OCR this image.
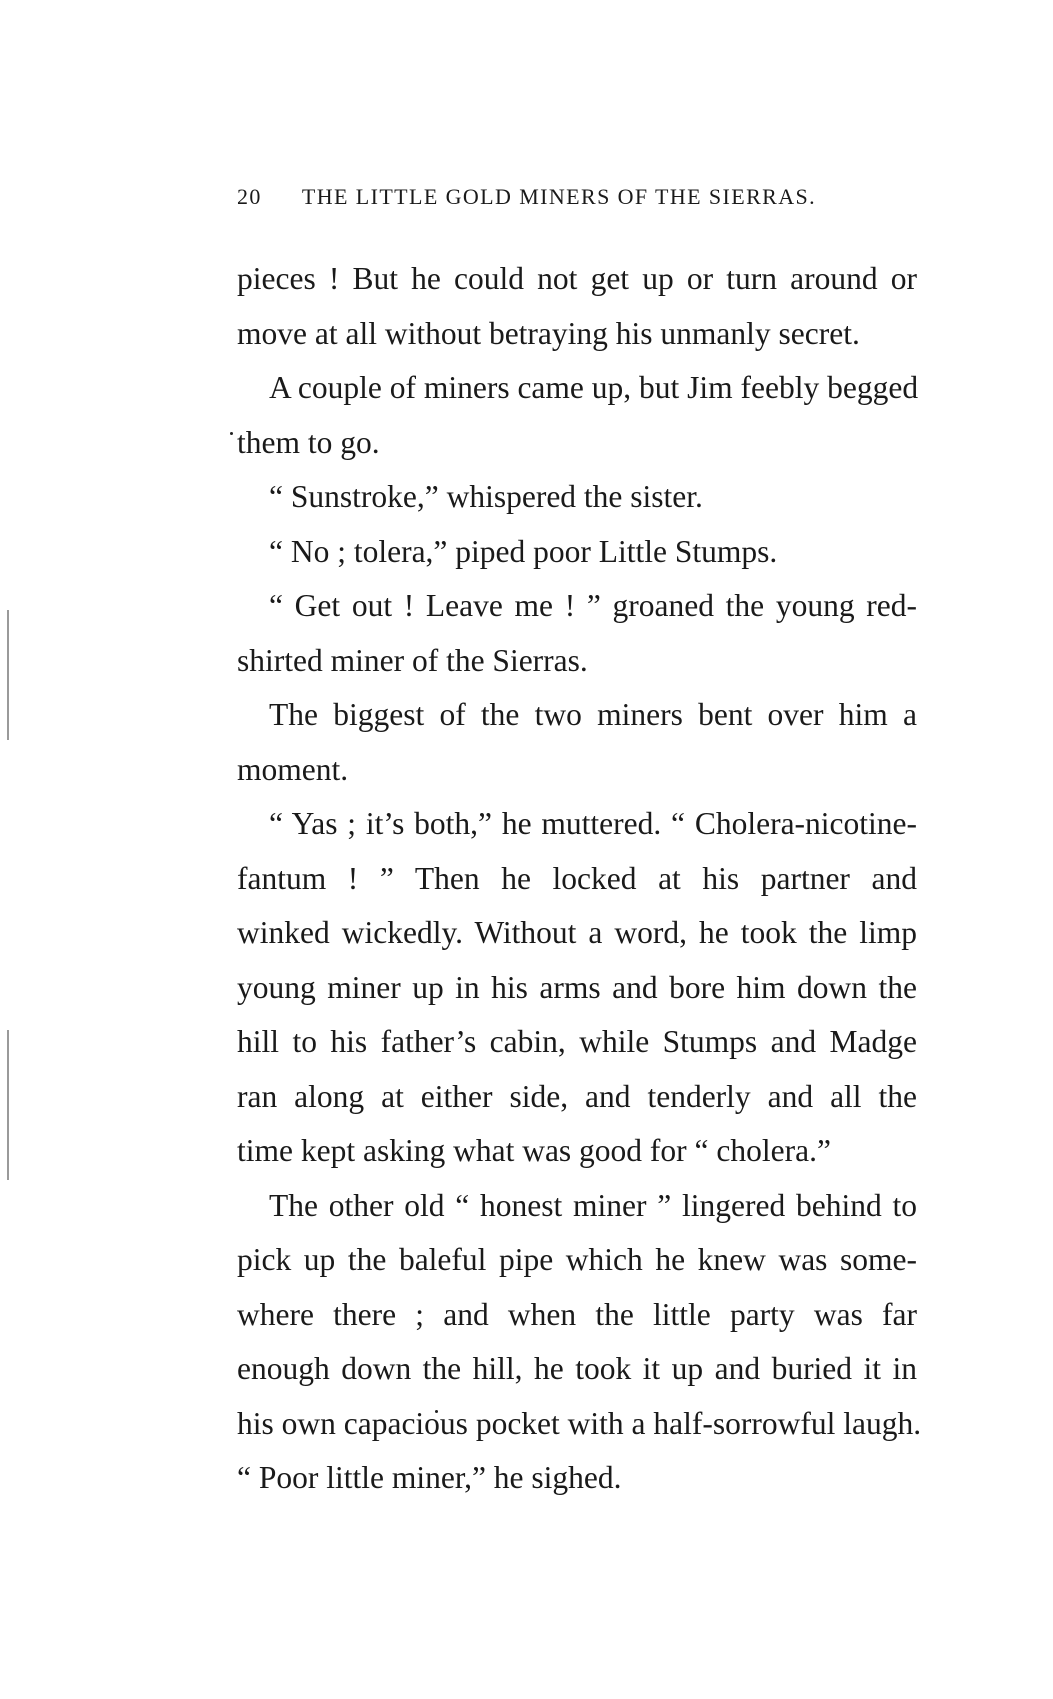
20 THE LITTLE GOLD MINERS OF THE SIERRAS.
pieces ! But he could not get up or turn around or
move at all without betraying his unmanly secret.
A couple of miners came up, but Jim feebly begged
them to go.
“ Sunstroke,” whispered the sister.
“ No ; tolera,” piped poor Little Stumps.
“ Get out ! Leave me ! ” groaned the young red-
shirted miner of the Sierras.
The biggest of the two miners bent over him a
moment.
“ Yas ; it’s both,” he muttered. “ Cholera-nicotine-
fantum ! ” Then he locked at his partner and
winked wickedly. Without a word, he took the limp
young miner up in his arms and bore him down the
hill to his father’s cabin, while Stumps and Madge
ran along at either side, and tenderly and all the
time kept asking what was good for “ cholera.”
The other old “ honest miner ” lingered behind to
pick up the baleful pipe which he knew was some-
where there ; and when the little party was far
enough down the hill, he took it up and buried it in
his own capacious pocket with a half-sorrowful laugh.
“ Poor little miner,” he sighed.
